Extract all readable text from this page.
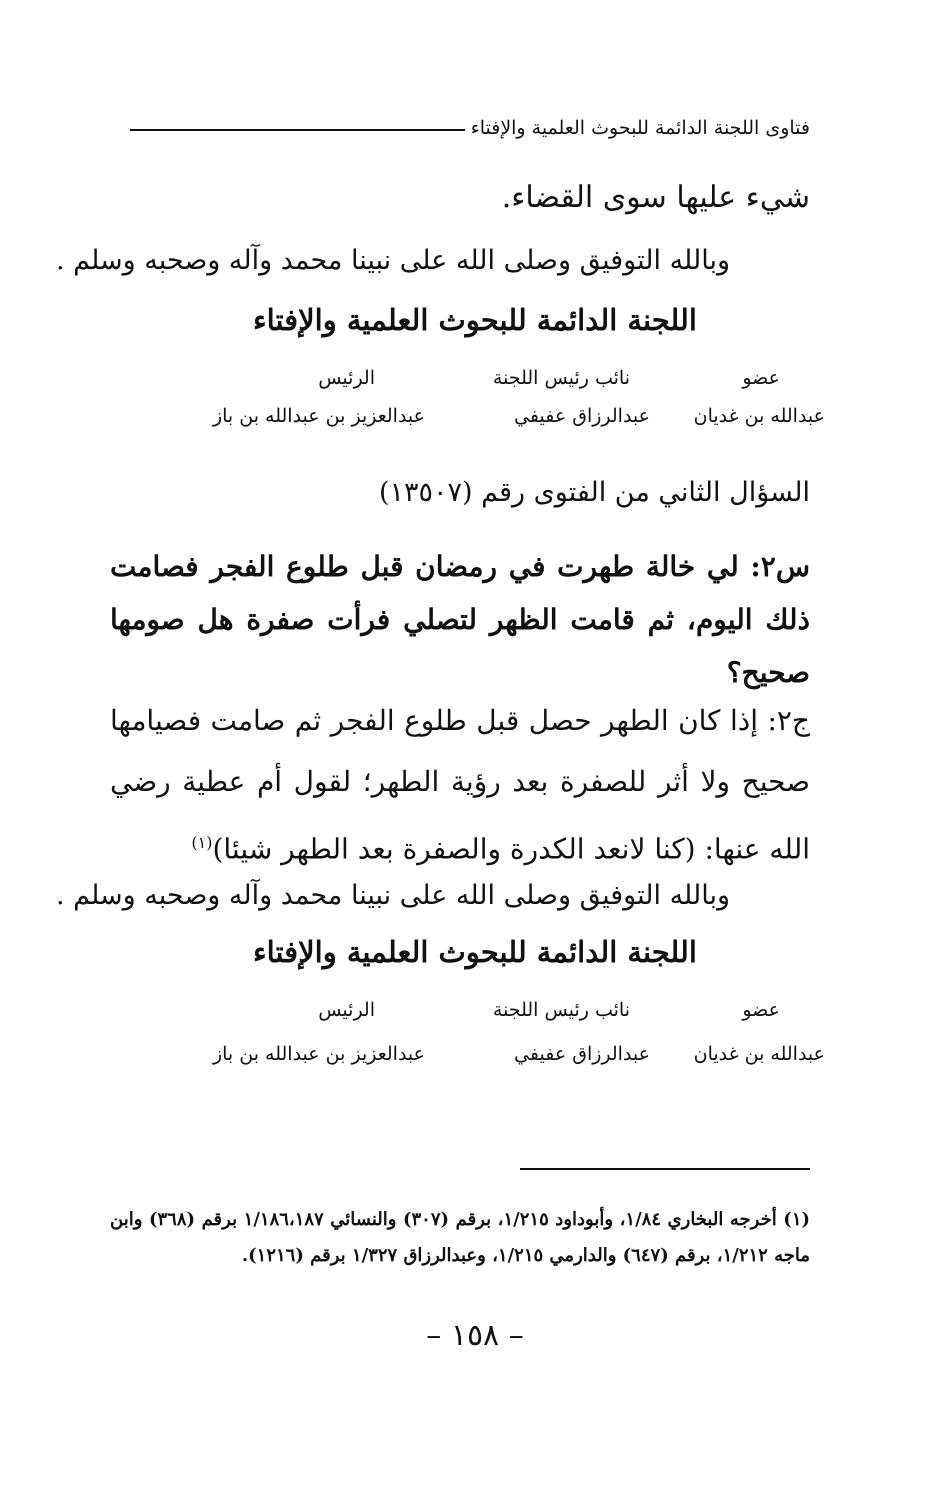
فتاوى اللجنة الدائمة للبحوث العلمية والإفتاء
شيء عليها سوى القضاء.
وبالله التوفيق وصلى الله على نبينا محمد وآله وصحبه وسلم .
اللجنة الدائمة للبحوث العلمية والإفتاء
عضو
نائب رئيس اللجنة
الرئيس
عبدالله بن غديان
عبدالرزاق عفيفي
عبدالعزيز بن عبدالله بن باز
السؤال الثاني من الفتوى رقم (١٣٥٠٧)
س٢: لي خالة طهرت في رمضان قبل طلوع الفجر فصامت ذلك اليوم، ثم قامت الظهر لتصلي فرأت صفرة هل صومها صحيح؟
ج٢: إذا كان الطهر حصل قبل طلوع الفجر ثم صامت فصيامها صحيح ولا أثر للصفرة بعد رؤية الطهر؛ لقول أم عطية رضي الله عنها: (كنا لانعد الكدرة والصفرة بعد الطهر شيئا)$^{(١)}$
وبالله التوفيق وصلى الله على نبينا محمد وآله وصحبه وسلم .
اللجنة الدائمة للبحوث العلمية والإفتاء
عضو
نائب رئيس اللجنة
الرئيس
عبدالله بن غديان
عبدالرزاق عفيفي
عبدالعزيز بن عبدالله بن باز
(١) أخرجه البخاري ١/٨٤، وأبوداود ١/٢١٥، برقم (٣٠٧) والنسائي ١/١٨٦،١٨٧ برقم (٣٦٨) وابن ماجه ١/٢١٢، برقم (٦٤٧) والدارمي ١/٢١٥، وعبدالرزاق ١/٣٢٧ برقم (١٢١٦).
– ١٥٨ –
